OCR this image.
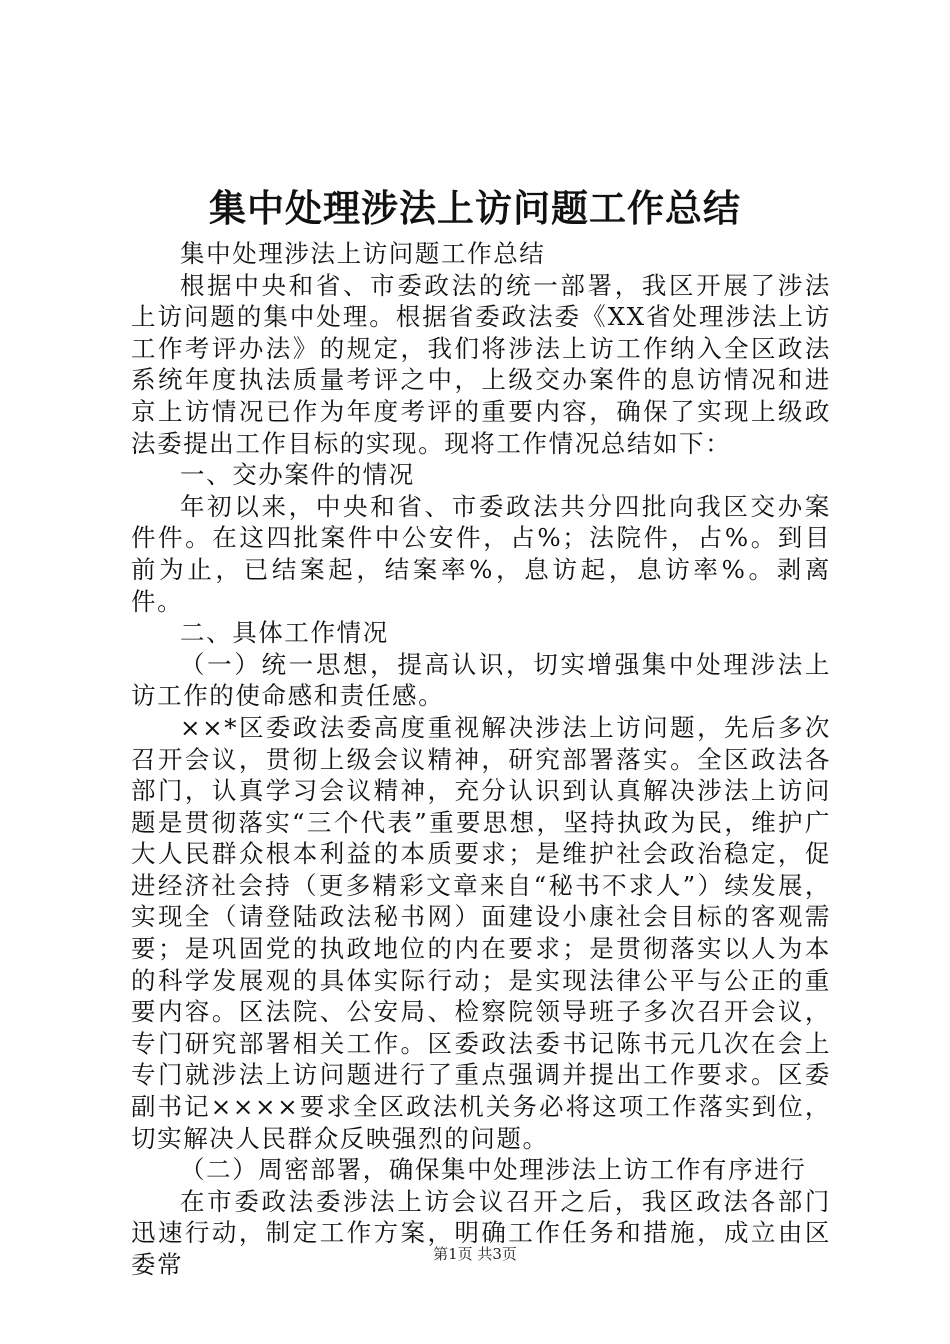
集中处理涉法上访问题工作总结

集中处理涉法上访问题工作总结

根据中央和省、市委政法的统一部署，我区开展了涉法上访问题的集中处理。根据省委政法委《XX省处理涉法上访工作考评办法》的规定，我们将涉法上访工作纳入全区政法系统年度执法质量考评之中，上级交办案件的息访情况和进京上访情况已作为年度考评的重要内容，确保了实现上级政法委提出工作目标的实现。现将工作情况总结如下：

一、交办案件的情况

年初以来，中央和省、市委政法共分四批向我区交办案件件。在这四批案件中公安件，占%；法院件，占%。到目前为止，已结案起，结案率%，息访起，息访率%。剥离件。

二、具体工作情况

（一）统一思想，提高认识，切实增强集中处理涉法上访工作的使命感和责任感。

××*区委政法委高度重视解决涉法上访问题，先后多次召开会议，贯彻上级会议精神，研究部署落实。全区政法各部门，认真学习会议精神，充分认识到认真解决涉法上访问题是贯彻落实“三个代表”重要思想，坚持执政为民，维护广大人民群众根本利益的本质要求；是维护社会政治稳定，促进经济社会持（更多精彩文章来自“秘书不求人”）续发展，实现全（请登陆政法秘书网）面建设小康社会目标的客观需要；是巩固党的执政地位的内在要求；是贯彻落实以人为本的科学发展观的具体实际行动；是实现法律公平与公正的重要内容。区法院、公安局、检察院领导班子多次召开会议，专门研究部署相关工作。区委政法委书记陈书元几次在会上专门就涉法上访问题进行了重点强调并提出工作要求。区委副书记××××要求全区政法机关务必将这项工作落实到位，切实解决人民群众反映强烈的问题。

（二）周密部署，确保集中处理涉法上访工作有序进行

在市委政法委涉法上访会议召开之后，我区政法各部门迅速行动，制定工作方案，明确工作任务和措施，成立由区委常	第1页 共3页
